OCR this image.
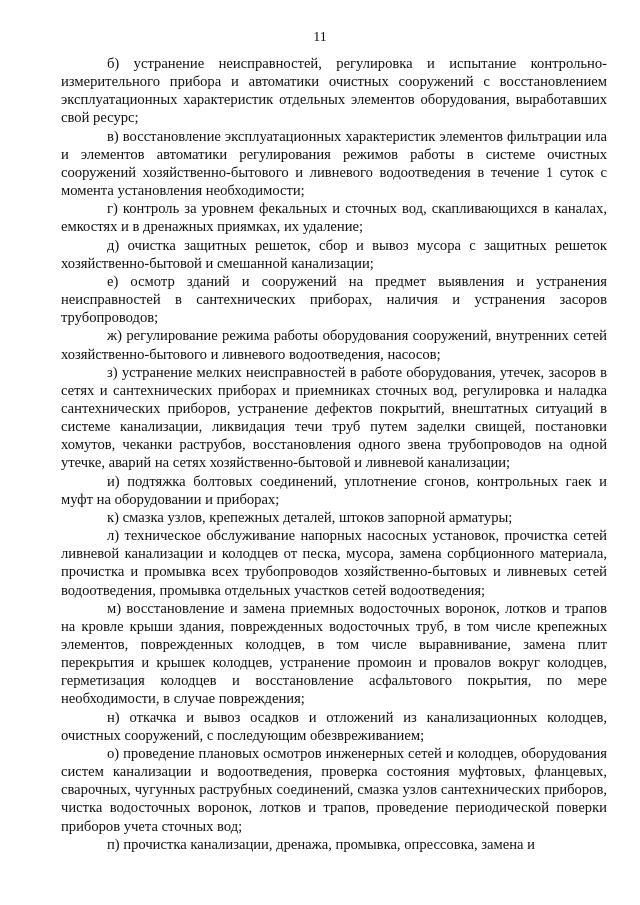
11

б) устранение неисправностей, регулировка и испытание контрольно-измерительного прибора и автоматики очистных сооружений с восстановлением эксплуатационных характеристик отдельных элементов оборудования, выработавших свой ресурс;

в) восстановление эксплуатационных характеристик элементов фильтрации ила и элементов автоматики регулирования режимов работы в системе очистных сооружений хозяйственно-бытового и ливневого водоотведения в течение 1 суток с момента установления необходимости;

г) контроль за уровнем фекальных и сточных вод, скапливающихся в каналах, емкостях и в дренажных приямках, их удаление;

д) очистка защитных решеток, сбор и вывоз мусора с защитных решеток хозяйственно-бытовой и смешанной канализации;

е) осмотр зданий и сооружений на предмет выявления и устранения неисправностей в сантехнических приборах, наличия и устранения засоров трубопроводов;

ж) регулирование режима работы оборудования сооружений, внутренних сетей хозяйственно-бытового и ливневого водоотведения, насосов;

з) устранение мелких неисправностей в работе оборудования, утечек, засоров в сетях и сантехнических приборах и приемниках сточных вод, регулировка и наладка сантехнических приборов, устранение дефектов покрытий, внештатных ситуаций в системе канализации, ликвидация течи труб путем заделки свищей, постановки хомутов, чеканки раструбов, восстановления одного звена трубопроводов на одной утечке, аварий на сетях хозяйственно-бытовой и ливневой канализации;

и) подтяжка болтовых соединений, уплотнение сгонов, контрольных гаек и муфт на оборудовании и приборах;

к) смазка узлов, крепежных деталей, штоков запорной арматуры;

л) техническое обслуживание напорных насосных установок, прочистка сетей ливневой канализации и колодцев от песка, мусора, замена сорбционного материала, прочистка и промывка всех трубопроводов хозяйственно-бытовых и ливневых сетей водоотведения, промывка отдельных участков сетей водоотведения;

м) восстановление и замена приемных водосточных воронок, лотков и трапов на кровле крыши здания, поврежденных водосточных труб, в том числе крепежных элементов, поврежденных колодцев, в том числе выравнивание, замена плит перекрытия и крышек колодцев, устранение промоин и провалов вокруг колодцев, герметизация колодцев и восстановление асфальтового покрытия, по мере необходимости, в случае повреждения;

н) откачка и вывоз осадков и отложений из канализационных колодцев, очистных сооружений, с последующим обезвреживанием;

о) проведение плановых осмотров инженерных сетей и колодцев, оборудования систем канализации и водоотведения, проверка состояния муфтовых, фланцевых, сварочных, чугунных раструбных соединений, смазка узлов сантехнических приборов, чистка водосточных воронок, лотков и трапов, проведение периодической поверки приборов учета сточных вод;

п) прочистка канализации, дренажа, промывка, опрессовка, замена и
